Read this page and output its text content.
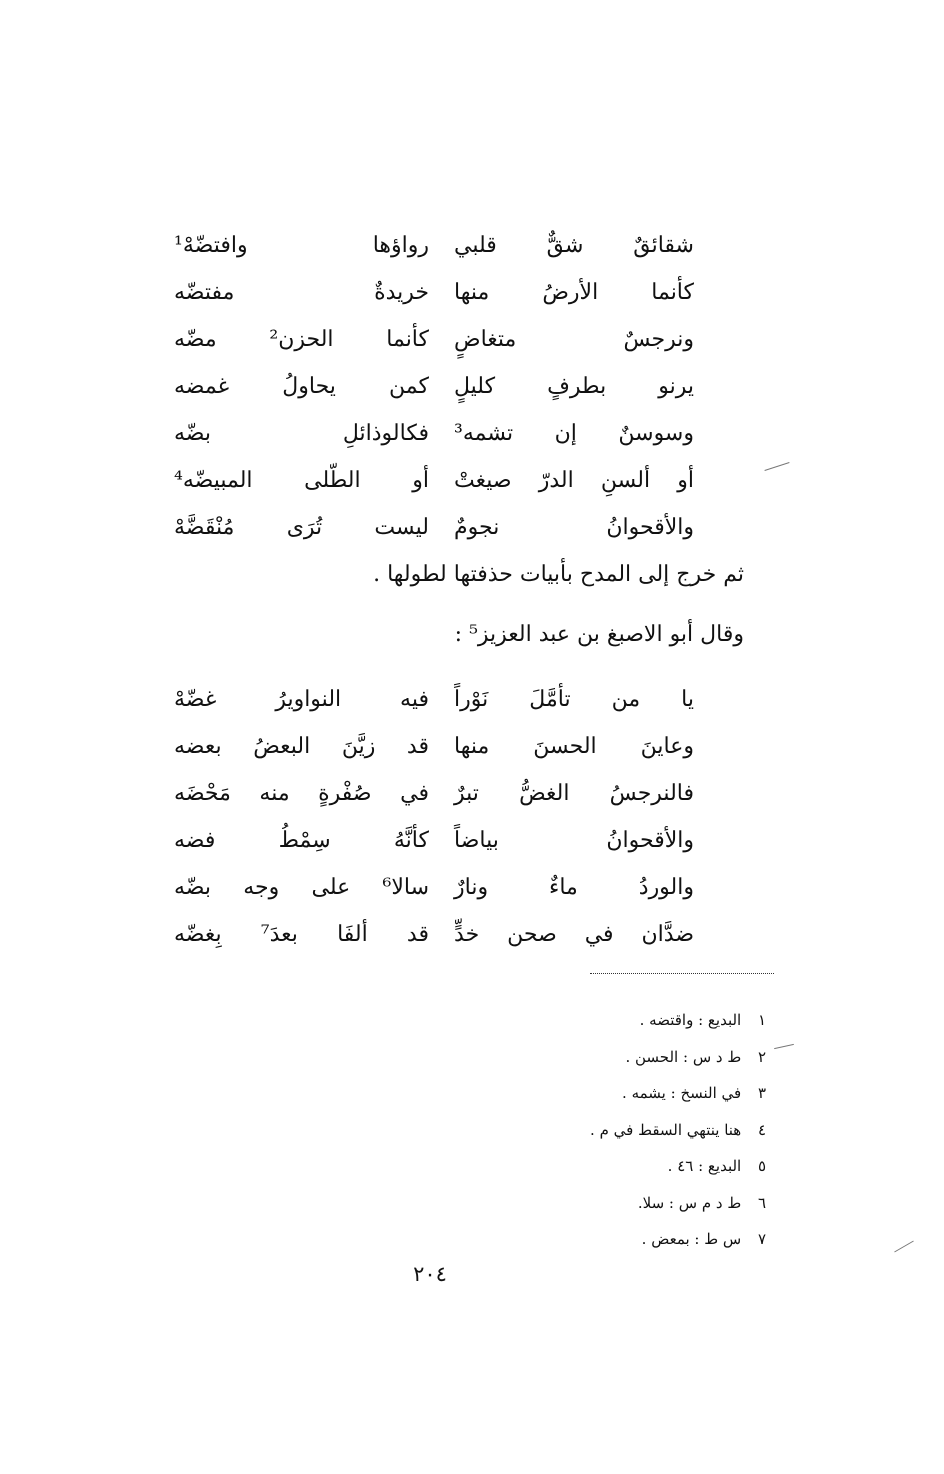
شقائقٌ
شقٌّ
قلبي
رواؤها
وافتضّهْ¹
كأنما
الأرضُ
منها
خريدةٌ
مفتضّه
ونرجسٌ
متغاضٍ
كأنما
الحزن²
مضّه
يرنو
بطرفٍ
كليلٍ
كمن
يحاولُ
غمضه
وسوسنٌ
إن
تشمه³
فكالوذائلِ
بضّه
أو
ألسنِ
الدرّ
صيغتْ
أو
الطّلى
المبيضّه⁴
والأقحوانُ
نجومٌ
ليست
تُرَى
مُنْقَضَّهْ
ثم خرج إلى المدح بأبيات حذفتها لطولها .
وقال أبو الاصبغ بن عبد العزيز⁵ :
يا
من
تأمَّلَ
نَوْراً
فيه
النواويرُ
غضّهْ
وعاينَ
الحسنَ
منها
قد
زيَّنَ
البعضُ
بعضه
فالنرجسُ
الغضُّ
تبرٌ
في
صُفْرةٍ
منه
مَحْضَه
والأقحوانُ
بياضاً
كأنَّهُ
سِمْطُ
فضه
والوردُ
ماءٌ
ونارٌ
سالا⁶
على
وجه
بضّه
ضدَّان
في
صحن
خدٍّ
قد
ألفَا
بعدَ⁷
بِغضّه
١ البديع : واقتضه .
٢ ط د س : الحسن .
٣ في النسخ : يشمه .
٤ هنا ينتهي السقط في م .
٥ البديع : ٤٦ .
٦ ط د م س : سلا.
٧ س ط : بمعض .
٢٠٤
